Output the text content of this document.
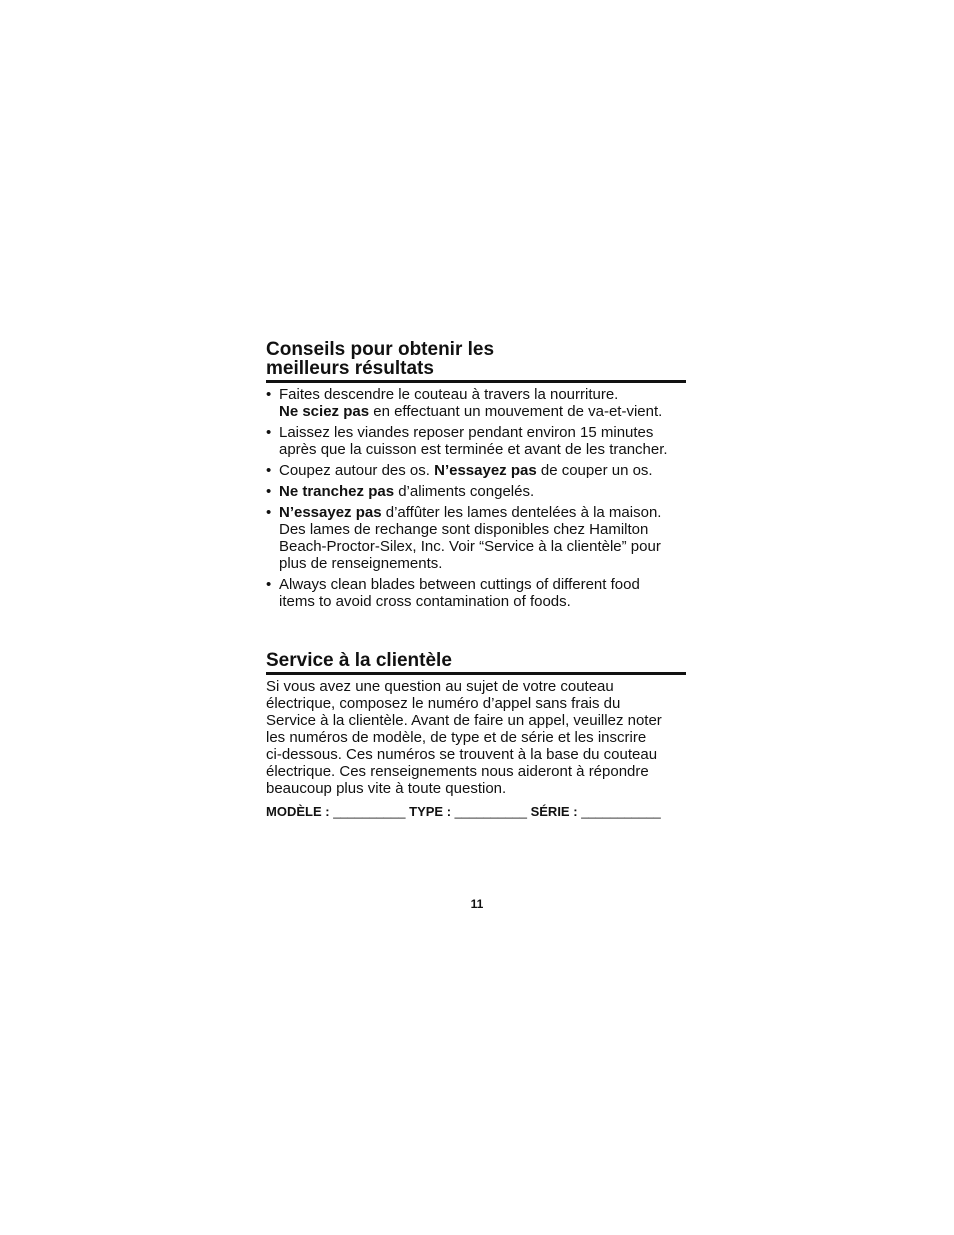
Conseils pour obtenir les
meilleurs résultats
• Faites descendre le couteau à travers la nourriture.
Ne sciez pas en effectuant un mouvement de va-et-vient.
• Laissez les viandes reposer pendant environ 15 minutes
après que la cuisson est terminée et avant de les trancher.
• Coupez autour des os. N’essayez pas de couper un os.
• Ne tranchez pas d’aliments congelés.
• N’essayez pas d’affûter les lames dentelées à la maison.
Des lames de rechange sont disponibles chez Hamilton
Beach-Proctor-Silex, Inc. Voir “Service à la clientèle” pour
plus de renseignements.
• Always clean blades between cuttings of different food
items to avoid cross contamination of foods.
Service à la clientèle

Si vous avez une question au sujet de votre couteau
électrique, composez le numéro d’appel sans frais du
Service à la clientèle. Avant de faire un appel, veuillez noter
les numéros de modèle, de type et de série et les inscrire
ci-dessous. Ces numéros se trouvent à la base du couteau
électrique. Ces renseignements nous aideront à répondre
beaucoup plus vite à toute question.

MODÈLE : __________ TYPE : __________ SÉRIE : ___________
11
